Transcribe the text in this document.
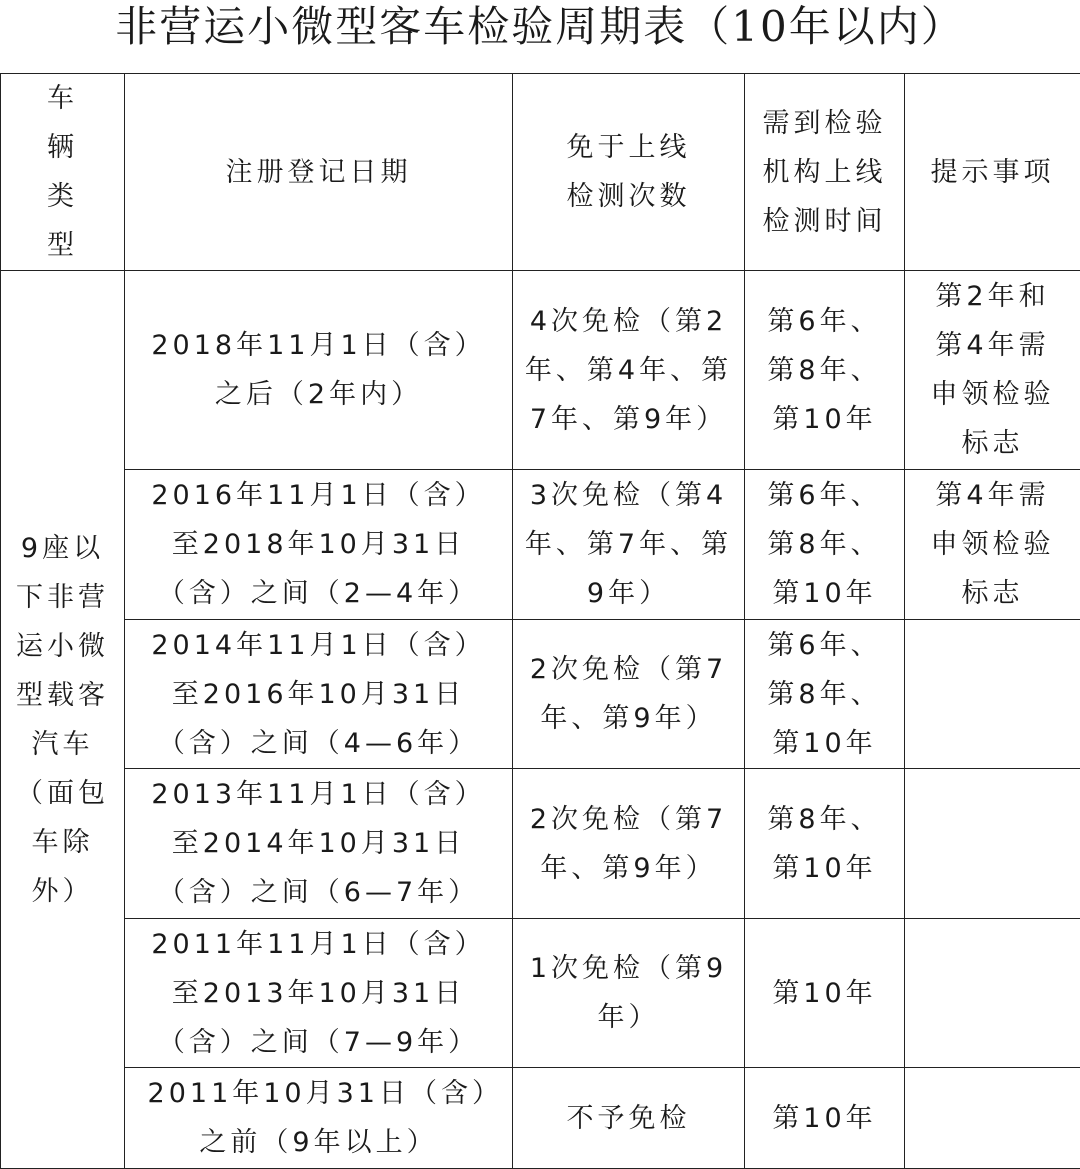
非营运小微型客车检验周期表（10年以内）
车辆类型	注册登记日期	免于上线检测次数	需到检验机构上线检测时间	提示事项
9座以下非营运小微型载客汽车（面包车除外）	2018年11月1日（含）之后（2年内）	4次免检（第2年、第4年、第7年、第9年）	第6年、第8年、第10年	第2年和第4年需申领检验标志
	2016年11月1日（含）至2018年10月31日（含）之间（2—4年）	3次免检（第4年、第7年、第9年）	第6年、第8年、第10年	第4年需申领检验标志
	2014年11月1日（含）至2016年10月31日（含）之间（4—6年）	2次免检（第7年、第9年）	第6年、第8年、第10年	
	2013年11月1日（含）至2014年10月31日（含）之间（6—7年）	2次免检（第7年、第9年）	第8年、第10年	
	2011年11月1日（含）至2013年10月31日（含）之间（7—9年）	1次免检（第9年）	第10年	
	2011年10月31日（含）之前（9年以上）	不予免检	第10年	
